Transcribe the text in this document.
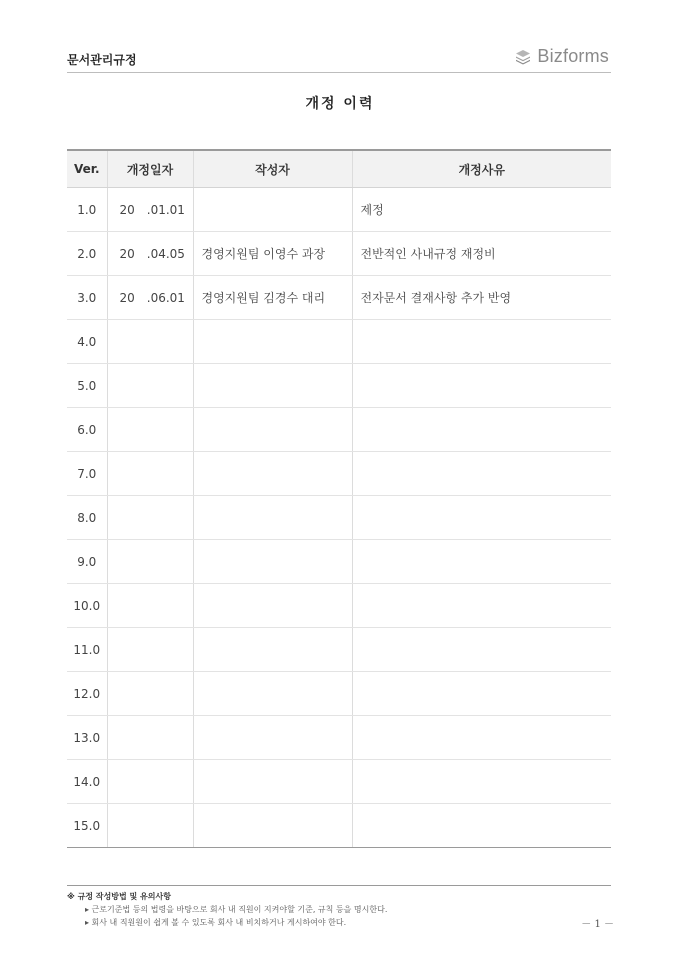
문서관리규정	Bizforms
개정 이력
Ver.	개정일자	작성자	개정사유
1.0	20　.01.01		제정
2.0	20　.04.05	경영지원팀 이영수 과장	전반적인 사내규정 재정비
3.0	20　.06.01	경영지원팀 김경수 대리	전자문서 결재사항 추가 반영
4.0			
5.0			
6.0			
7.0			
8.0			
9.0			
10.0			
11.0			
12.0			
13.0			
14.0			
15.0			
※ 규정 작성방법 및 유의사항
▸ 근로기준법 등의 법령을 바탕으로 회사 내 직원이 지켜야할 기준, 규칙 등을 명시한다.
▸ 회사 내 직원원이 쉽게 볼 수 있도록 회사 내 비치하거나 게시하여야 한다.	－ 1 －
